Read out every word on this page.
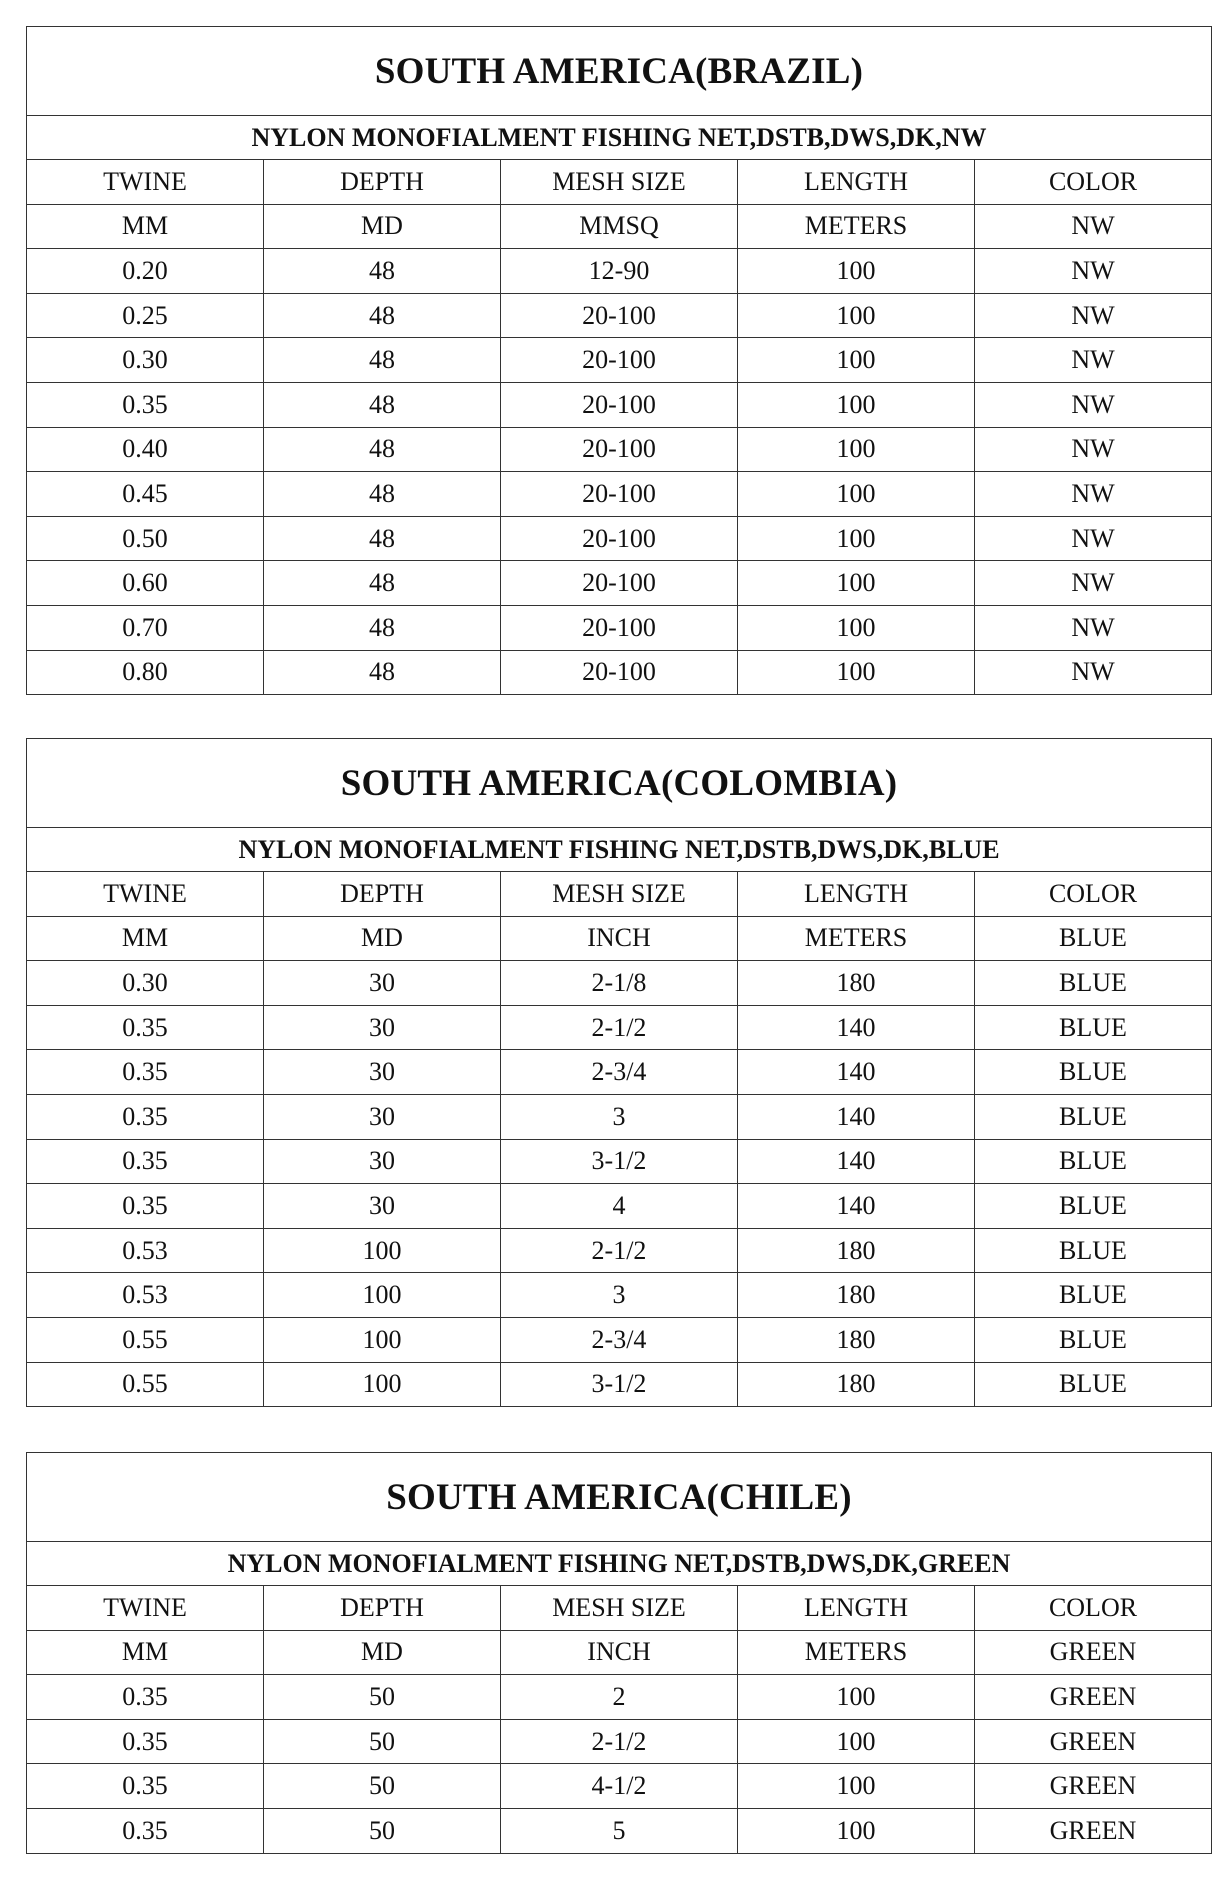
SOUTH AMERICA(BRAZIL)				
NYLON MONOFIALMENT FISHING NET,DSTB,DWS,DK,NW				
TWINE	DEPTH	MESH SIZE	LENGTH	COLOR
MM	MD	MMSQ	METERS	NW
0.20	48	12-90	100	NW
0.25	48	20-100	100	NW
0.30	48	20-100	100	NW
0.35	48	20-100	100	NW
0.40	48	20-100	100	NW
0.45	48	20-100	100	NW
0.50	48	20-100	100	NW
0.60	48	20-100	100	NW
0.70	48	20-100	100	NW
0.80	48	20-100	100	NW
SOUTH AMERICA(COLOMBIA)				
NYLON MONOFIALMENT FISHING NET,DSTB,DWS,DK,BLUE				
TWINE	DEPTH	MESH SIZE	LENGTH	COLOR
MM	MD	INCH	METERS	BLUE
0.30	30	2-1/8	180	BLUE
0.35	30	2-1/2	140	BLUE
0.35	30	2-3/4	140	BLUE
0.35	30	3	140	BLUE
0.35	30	3-1/2	140	BLUE
0.35	30	4	140	BLUE
0.53	100	2-1/2	180	BLUE
0.53	100	3	180	BLUE
0.55	100	2-3/4	180	BLUE
0.55	100	3-1/2	180	BLUE
SOUTH AMERICA(CHILE)				
NYLON MONOFIALMENT FISHING NET,DSTB,DWS,DK,GREEN				
TWINE	DEPTH	MESH SIZE	LENGTH	COLOR
MM	MD	INCH	METERS	GREEN
0.35	50	2	100	GREEN
0.35	50	2-1/2	100	GREEN
0.35	50	4-1/2	100	GREEN
0.35	50	5	100	GREEN
